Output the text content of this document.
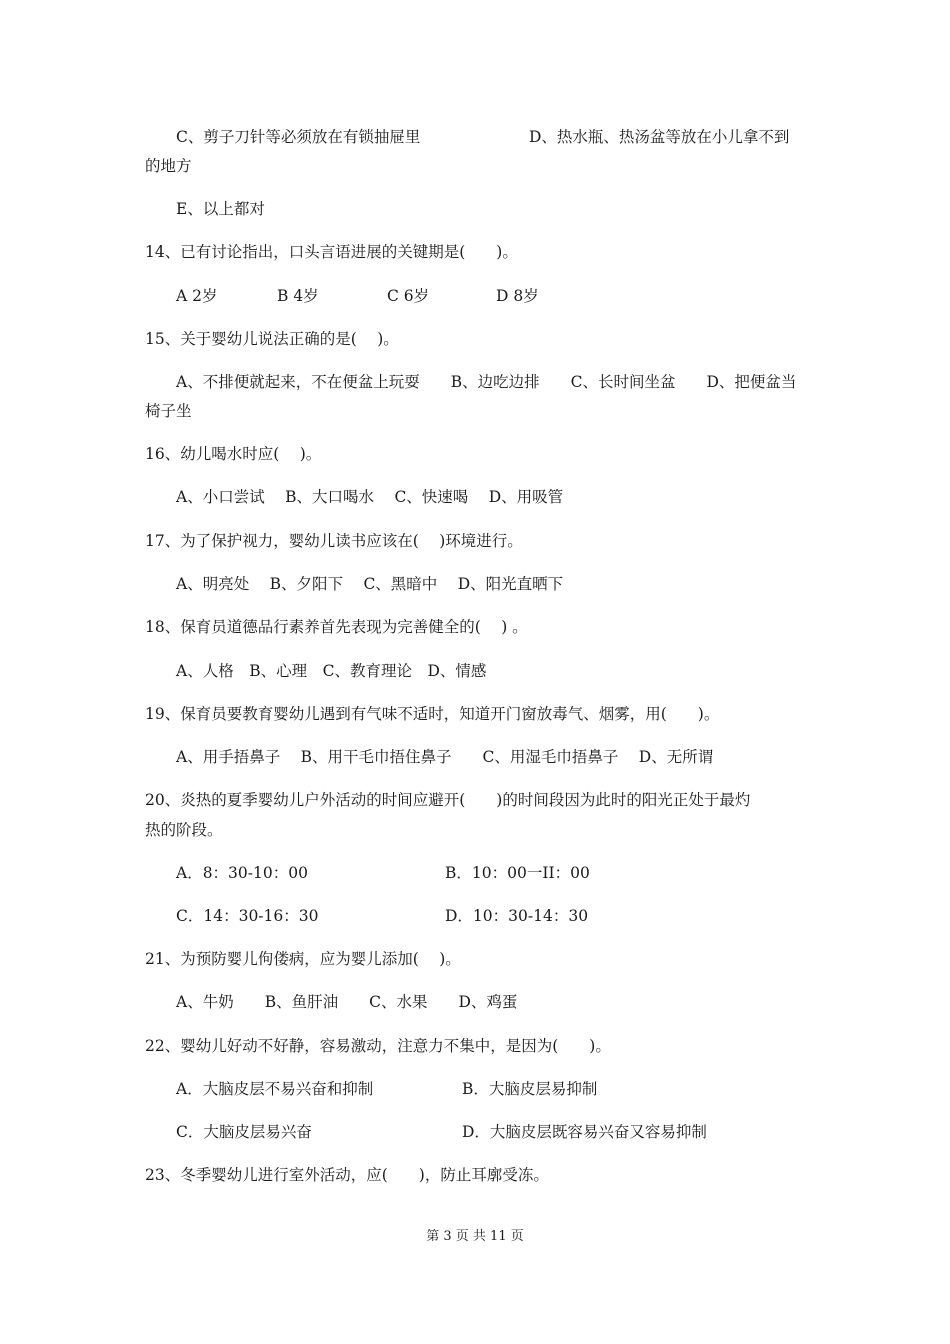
C、剪子刀针等必须放在有锁抽屉里	D、热水瓶、热汤盆等放在小儿拿不到
的地方
E、以上都对
14、已有讨论指出，口头言语进展的关键期是(　　)。
A 2岁	B 4岁	C 6岁	D 8岁
15、关于婴幼儿说法正确的是(　 )。
A、不排便就起来，不在便盆上玩耍　　B、边吃边排　　C、长时间坐盆　　D、把便盆当
椅子坐
16、幼儿喝水时应(　 )。
A、小口尝试　 B、大口喝水　 C、快速喝　 D、用吸管
17、为了保护视力，婴幼儿读书应该在(　 )环境进行。
A、明亮处　 B、夕阳下　 C、黑暗中　 D、阳光直晒下
18、保育员道德品行素养首先表现为完善健全的(　 ) 。
A、人格　B、心理　C、教育理论　D、情感
19、保育员要教育婴幼儿遇到有气味不适时，知道开门窗放毒气、烟雾，用(　　)。
A、用手捂鼻子　 B、用干毛巾捂住鼻子　　C、用湿毛巾捂鼻子　 D、无所谓
20、炎热的夏季婴幼儿户外活动的时间应避开(　　)的时间段因为此时的阳光正处于最灼
热的阶段。
A．8：30-10：00	B．10：00一II：00
C．14：30-16：30	D．10：30-14：30
21、为预防婴儿佝偻病，应为婴儿添加(　 )。
A、牛奶　　B、鱼肝油　　C、水果　　D、鸡蛋
22、婴幼儿好动不好静，容易激动，注意力不集中，是因为(　　)。
A．大脑皮层不易兴奋和抑制	B．大脑皮层易抑制
C．大脑皮层易兴奋	D．大脑皮层既容易兴奋又容易抑制
23、冬季婴幼儿进行室外活动，应(　　)，防止耳廓受冻。
第 3 页 共 11 页
